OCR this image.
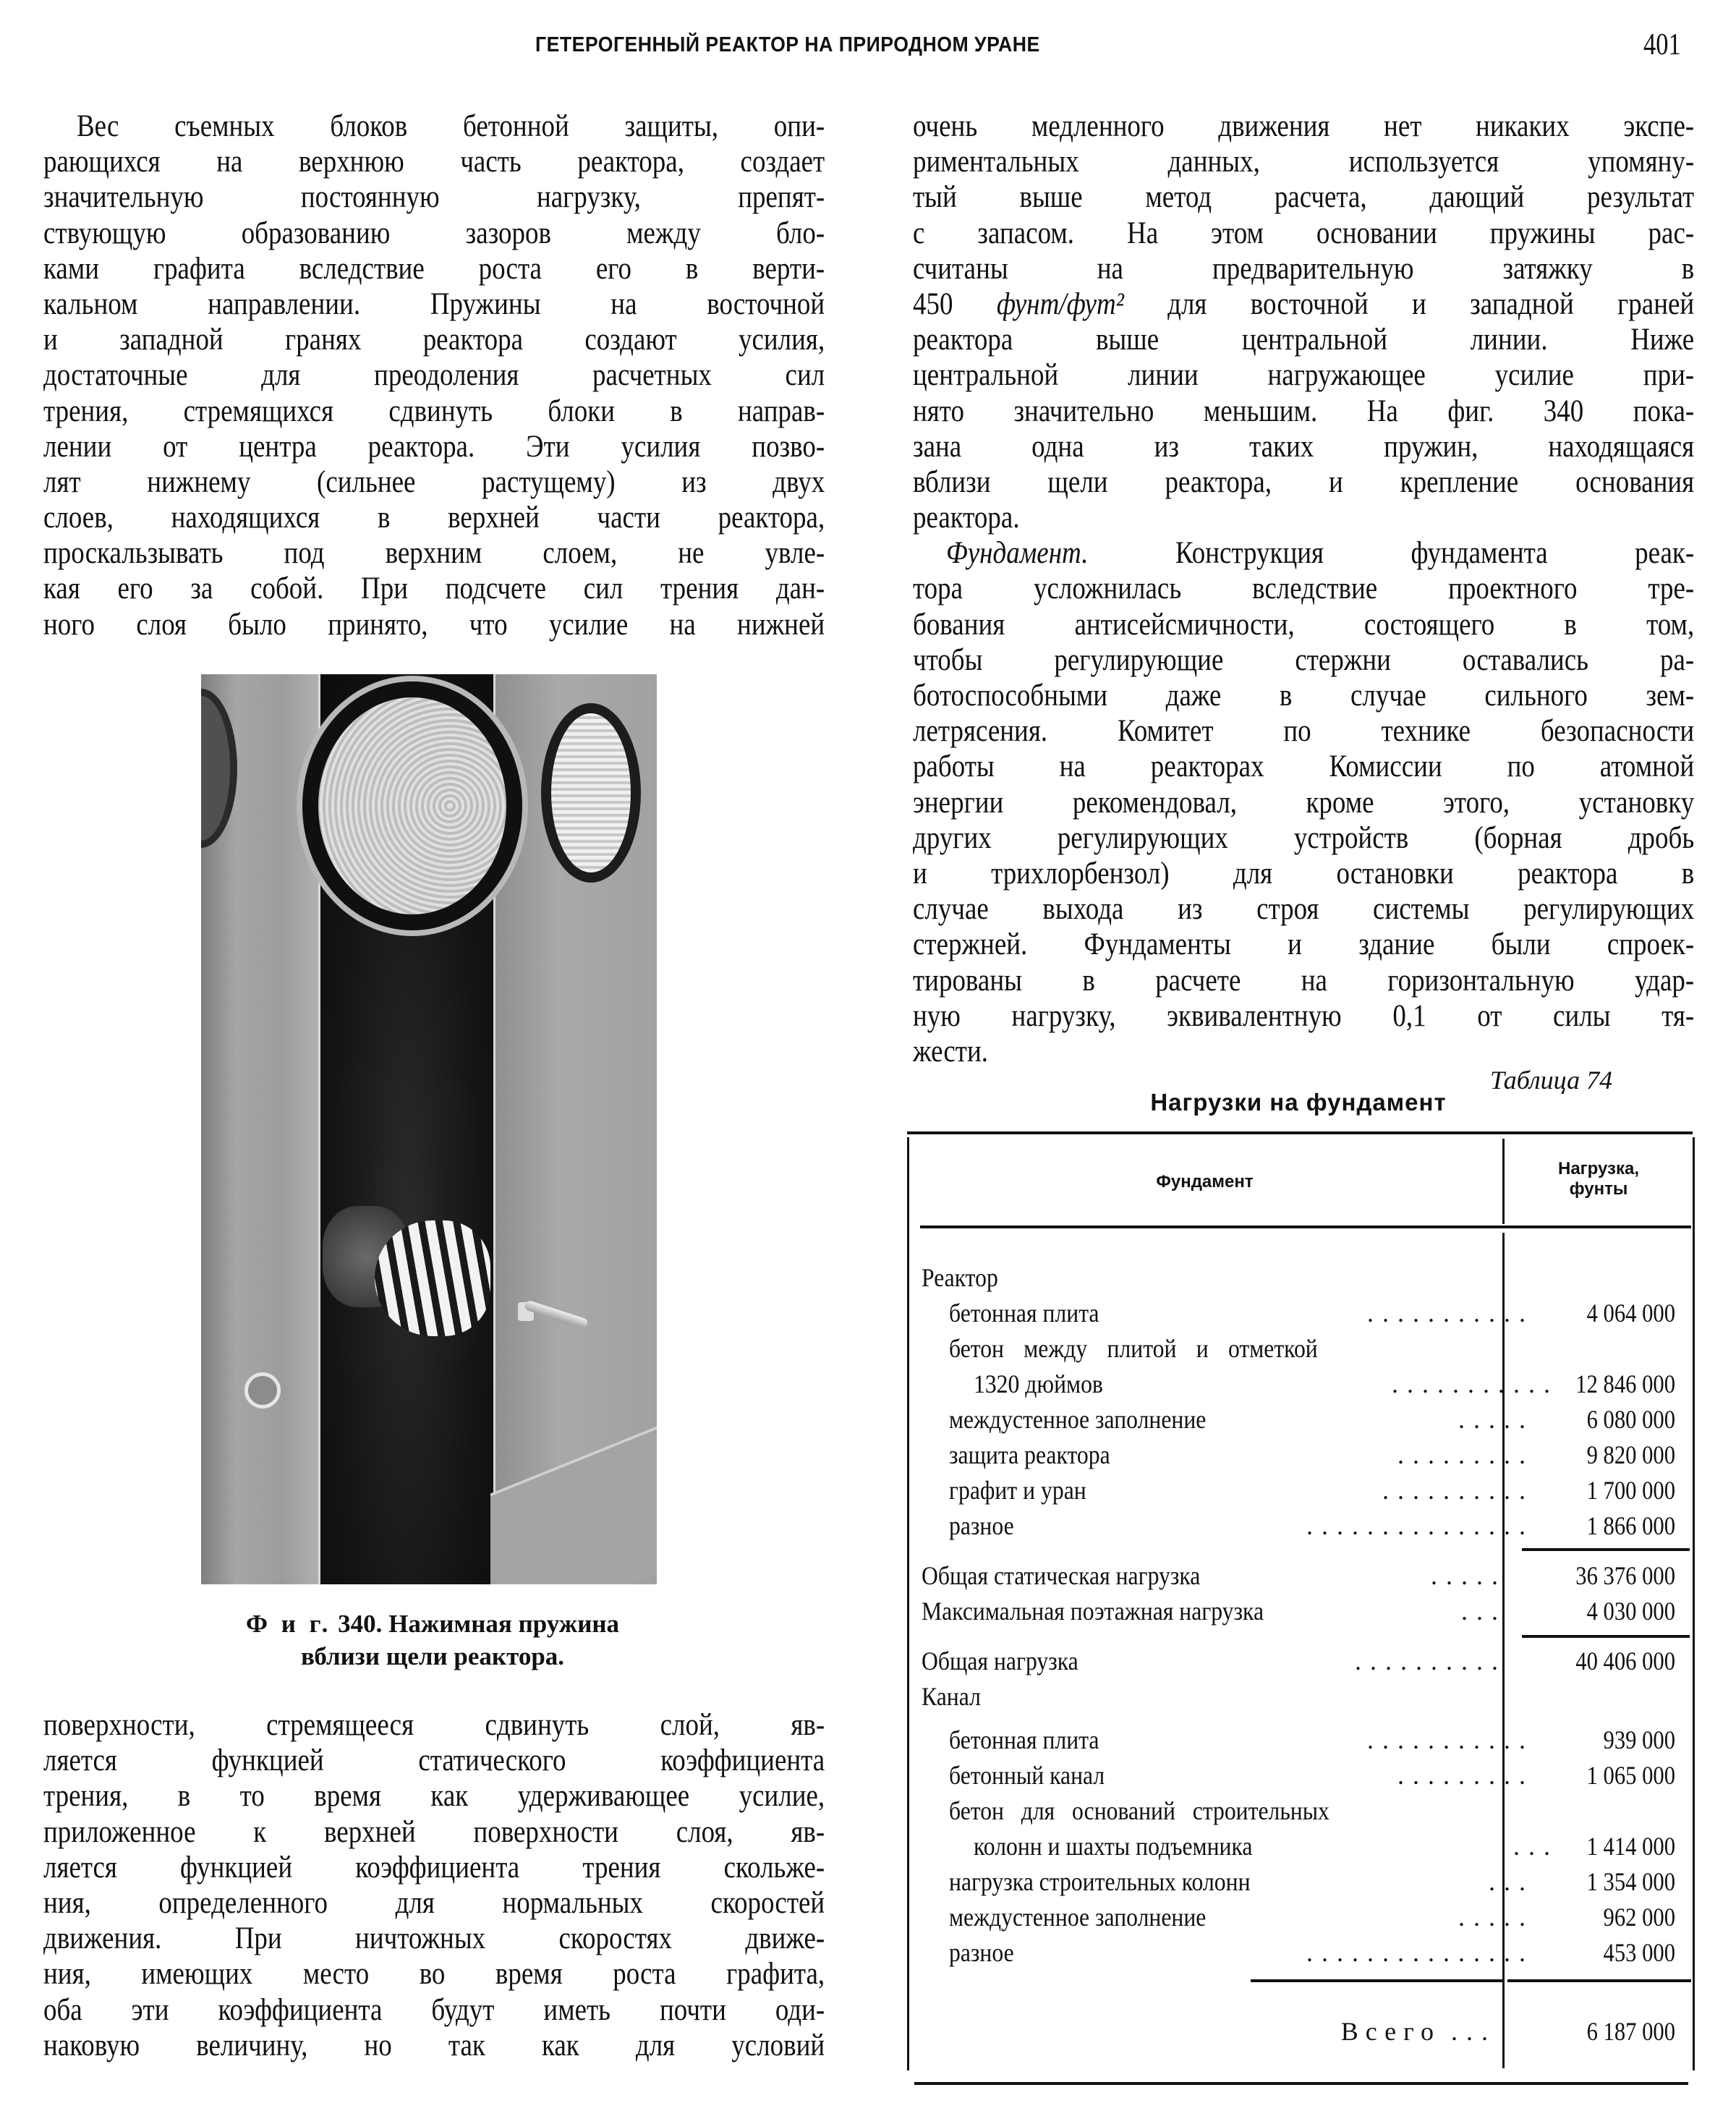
ГЕТЕРОГЕННЫЙ РЕАКТОР НА ПРИРОДНОМ УРАНЕ	401
Вес съемных блоков бетонной защиты, опи-
рающихся на верхнюю часть реактора, создает
значительную постоянную нагрузку, препят-
ствующую образованию зазоров между бло-
ками графита вследствие роста его в верти-
кальном направлении. Пружины на восточной
и западной гранях реактора создают усилия,
достаточные для преодоления расчетных сил
трения, стремящихся сдвинуть блоки в направ-
лении от центра реактора. Эти усилия позво-
лят нижнему (сильнее растущему) из двух
слоев, находящихся в верхней части реактора,
проскальзывать под верхним слоем, не увле-
кая его за собой. При подсчете сил трения дан-
ного слоя было принято, что усилие на нижней
Ф и г. 340. Нажимная пружина
вблизи щели реактора.
поверхности, стремящееся сдвинуть слой, яв-
ляется функцией статического коэффициента
трения, в то время как удерживающее усилие,
приложенное к верхней поверхности слоя, яв-
ляется функцией коэффициента трения скольже-
ния, определенного для нормальных скоростей
движения. При ничтожных скоростях движе-
ния, имеющих место во время роста графита,
оба эти коэффициента будут иметь почти оди-
наковую величину, но так как для условий
очень медленного движения нет никаких экспе-
риментальных данных, используется упомяну-
тый выше метод расчета, дающий результат
с запасом. На этом основании пружины рас-
считаны на предварительную затяжку в
450 фунт/фут² для восточной и западной граней
реактора выше центральной линии. Ниже
центральной линии нагружающее усилие при-
нято значительно меньшим. На фиг. 340 пока-
зана одна из таких пружин, находящаяся
вблизи щели реактора, и крепление основания
реактора.
Фундамент. Конструкция фундамента реак-
тора усложнилась вследствие проектного тре-
бования антисейсмичности, состоящего в том,
чтобы регулирующие стержни оставались ра-
ботоспособными даже в случае сильного зем-
летрясения. Комитет по технике безопасности
работы на реакторах Комиссии по атомной
энергии рекомендовал, кроме этого, установку
других регулирующих устройств (борная дробь
и трихлорбензол) для остановки реактора в
случае выхода из строя системы регулирующих
стержней. Фундаменты и здание были спроек-
тированы в расчете на горизонтальную удар-
ную нагрузку, эквивалентную 0,1 от силы тя-
жести.
Таблица 74
Нагрузки на фундамент
Фундамент
Нагрузка,
фунты
Реактор
бетонная плита	...........	4 064 000
бетон между плитой и отметкой
1320 дюймов	........... 12 846 000
междустенное заполнение	.....	6 080 000
защита реактора	.........	9 820 000
графит и уран	..........	1 700 000
разное	...............	1 866 000
Общая статическая нагрузка	.....	36 376 000
Максимальная поэтажная нагрузка	...	4 030 000
Общая нагрузка	..........	40 406 000
Канал
бетонная плита	...........	939 000
бетонный канал	.........	1 065 000
бетон для оснований строительных
колонн и шахты подъемника	...	1 414 000
нагрузка строительных колонн	...	1 354 000
междустенное заполнение	.....	962 000
разное	...............	453 000
Всего ...	6 187 000
